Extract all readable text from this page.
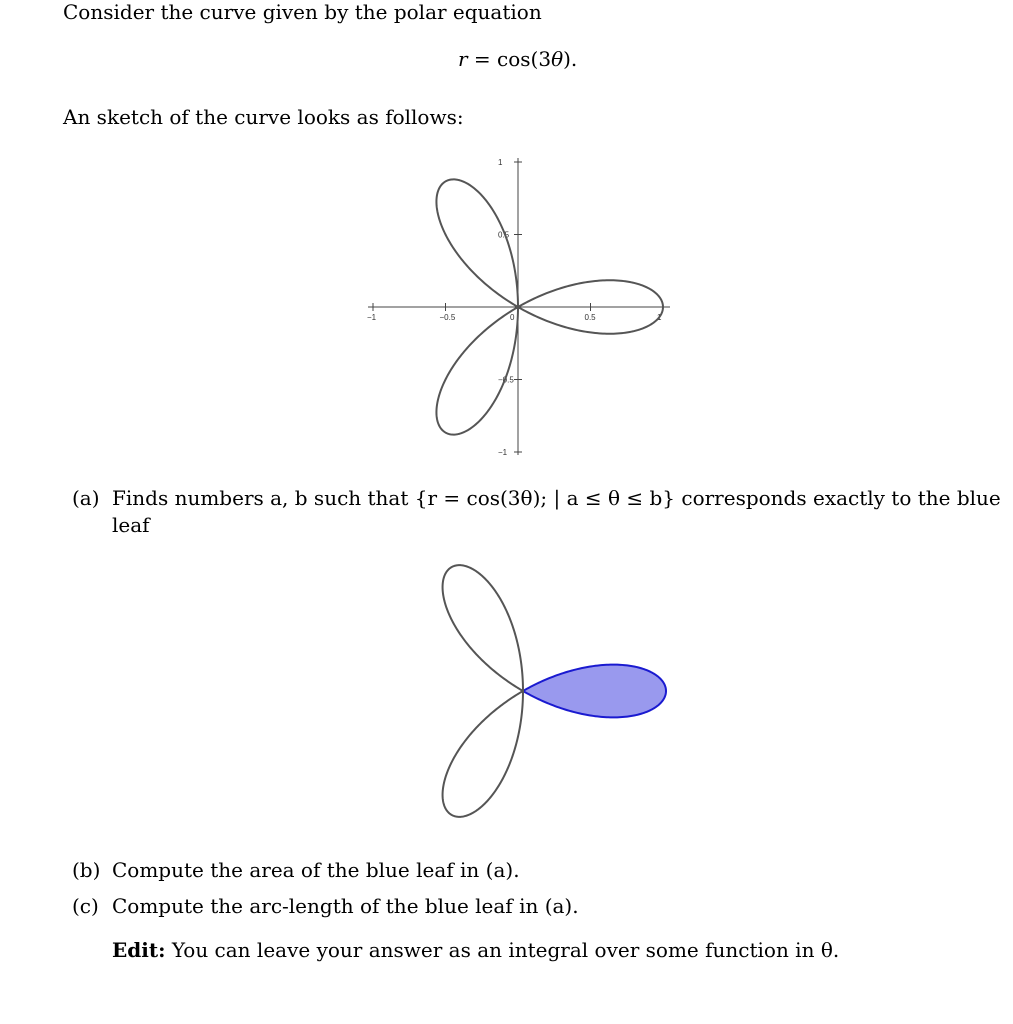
Consider the curve given by the polar equation
r = cos(3θ).
An sketch of the curve looks as follows:
−1	−0.5	0	0.5	1
1
0.5
−0.5
−1
(a) Finds numbers a, b such that {r = cos(3θ); | a ≤ θ ≤ b} corresponds exactly to the blue
leaf
(b) Compute the area of the blue leaf in (a).
(c) Compute the arc-length of the blue leaf in (a).
Edit: You can leave your answer as an integral over some function in θ.
